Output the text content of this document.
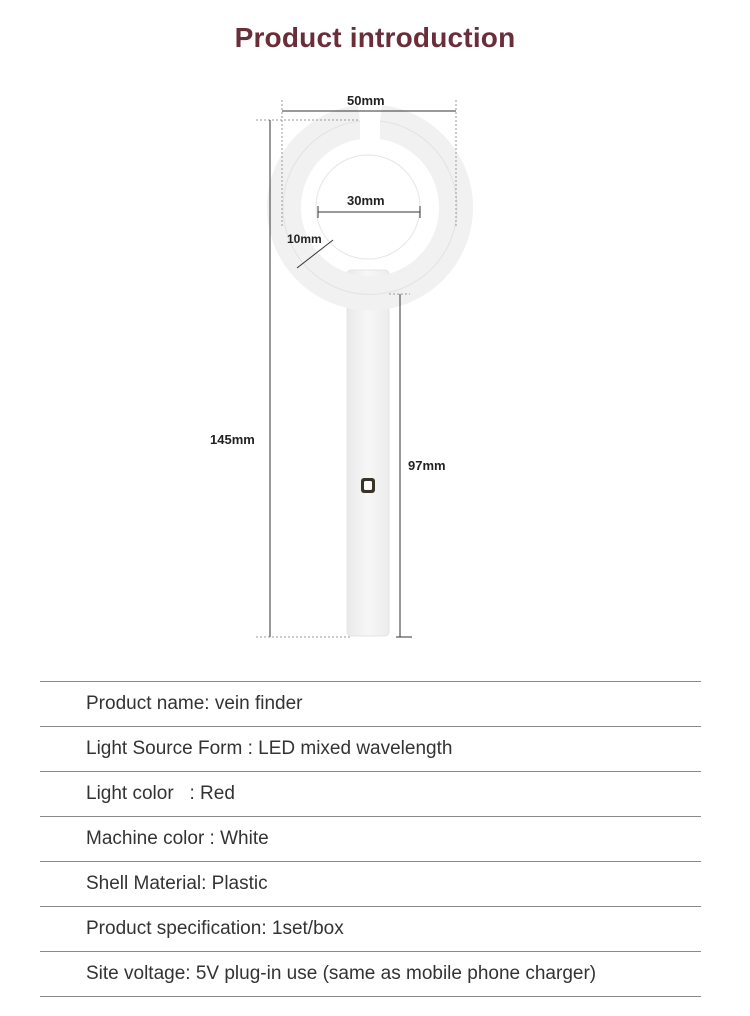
Product introduction
50mm
30mm
10mm
145mm
97mm
Product name: vein finder
Light Source Form : LED mixed wavelength
Light color   : Red
Machine color : White
Shell Material: Plastic
Product specification: 1set/box
Site voltage: 5V plug-in use (same as mobile phone charger)
